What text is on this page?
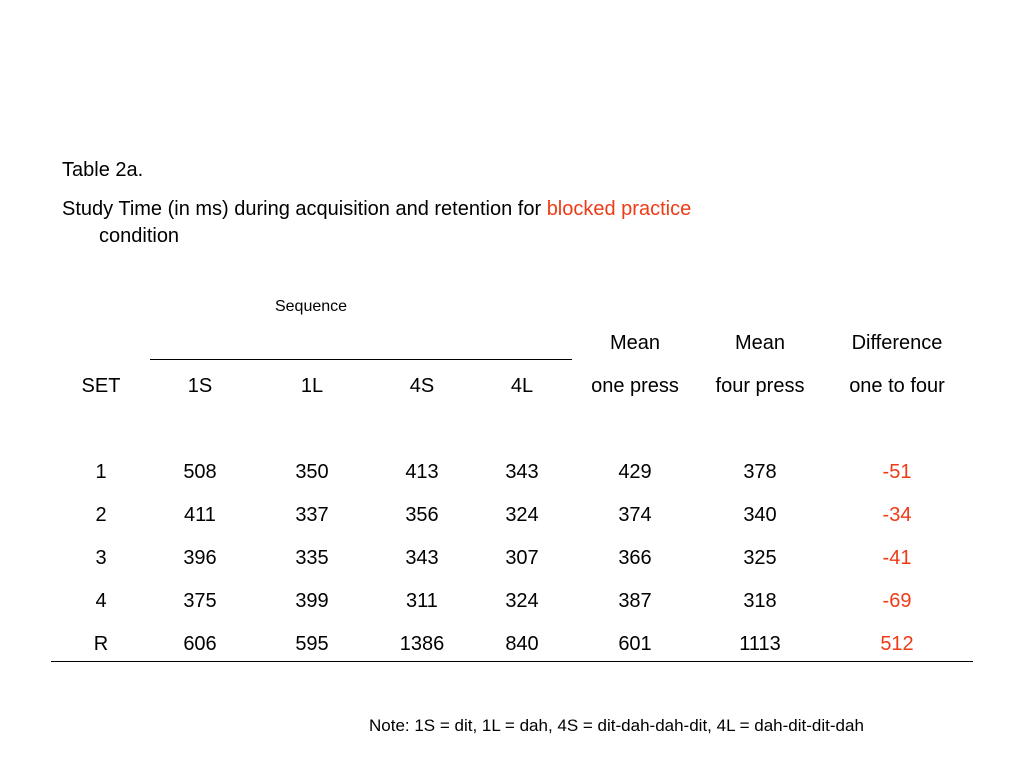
Table 2a.
Study Time (in ms) during acquisition and retention for blocked practice
condition
Sequence
Mean	Mean	Difference
SET	1S	1L	4S	4L	one press	four press	one to four
1	508	350	413	343	429	378	-51
2	411	337	356	324	374	340	-34
3	396	335	343	307	366	325	-41
4	375	399	311	324	387	318	-69
R	606	595	1386	840	601	1113	512
Note: 1S = dit, 1L = dah, 4S = dit-dah-dah-dit, 4L = dah-dit-dit-dah
